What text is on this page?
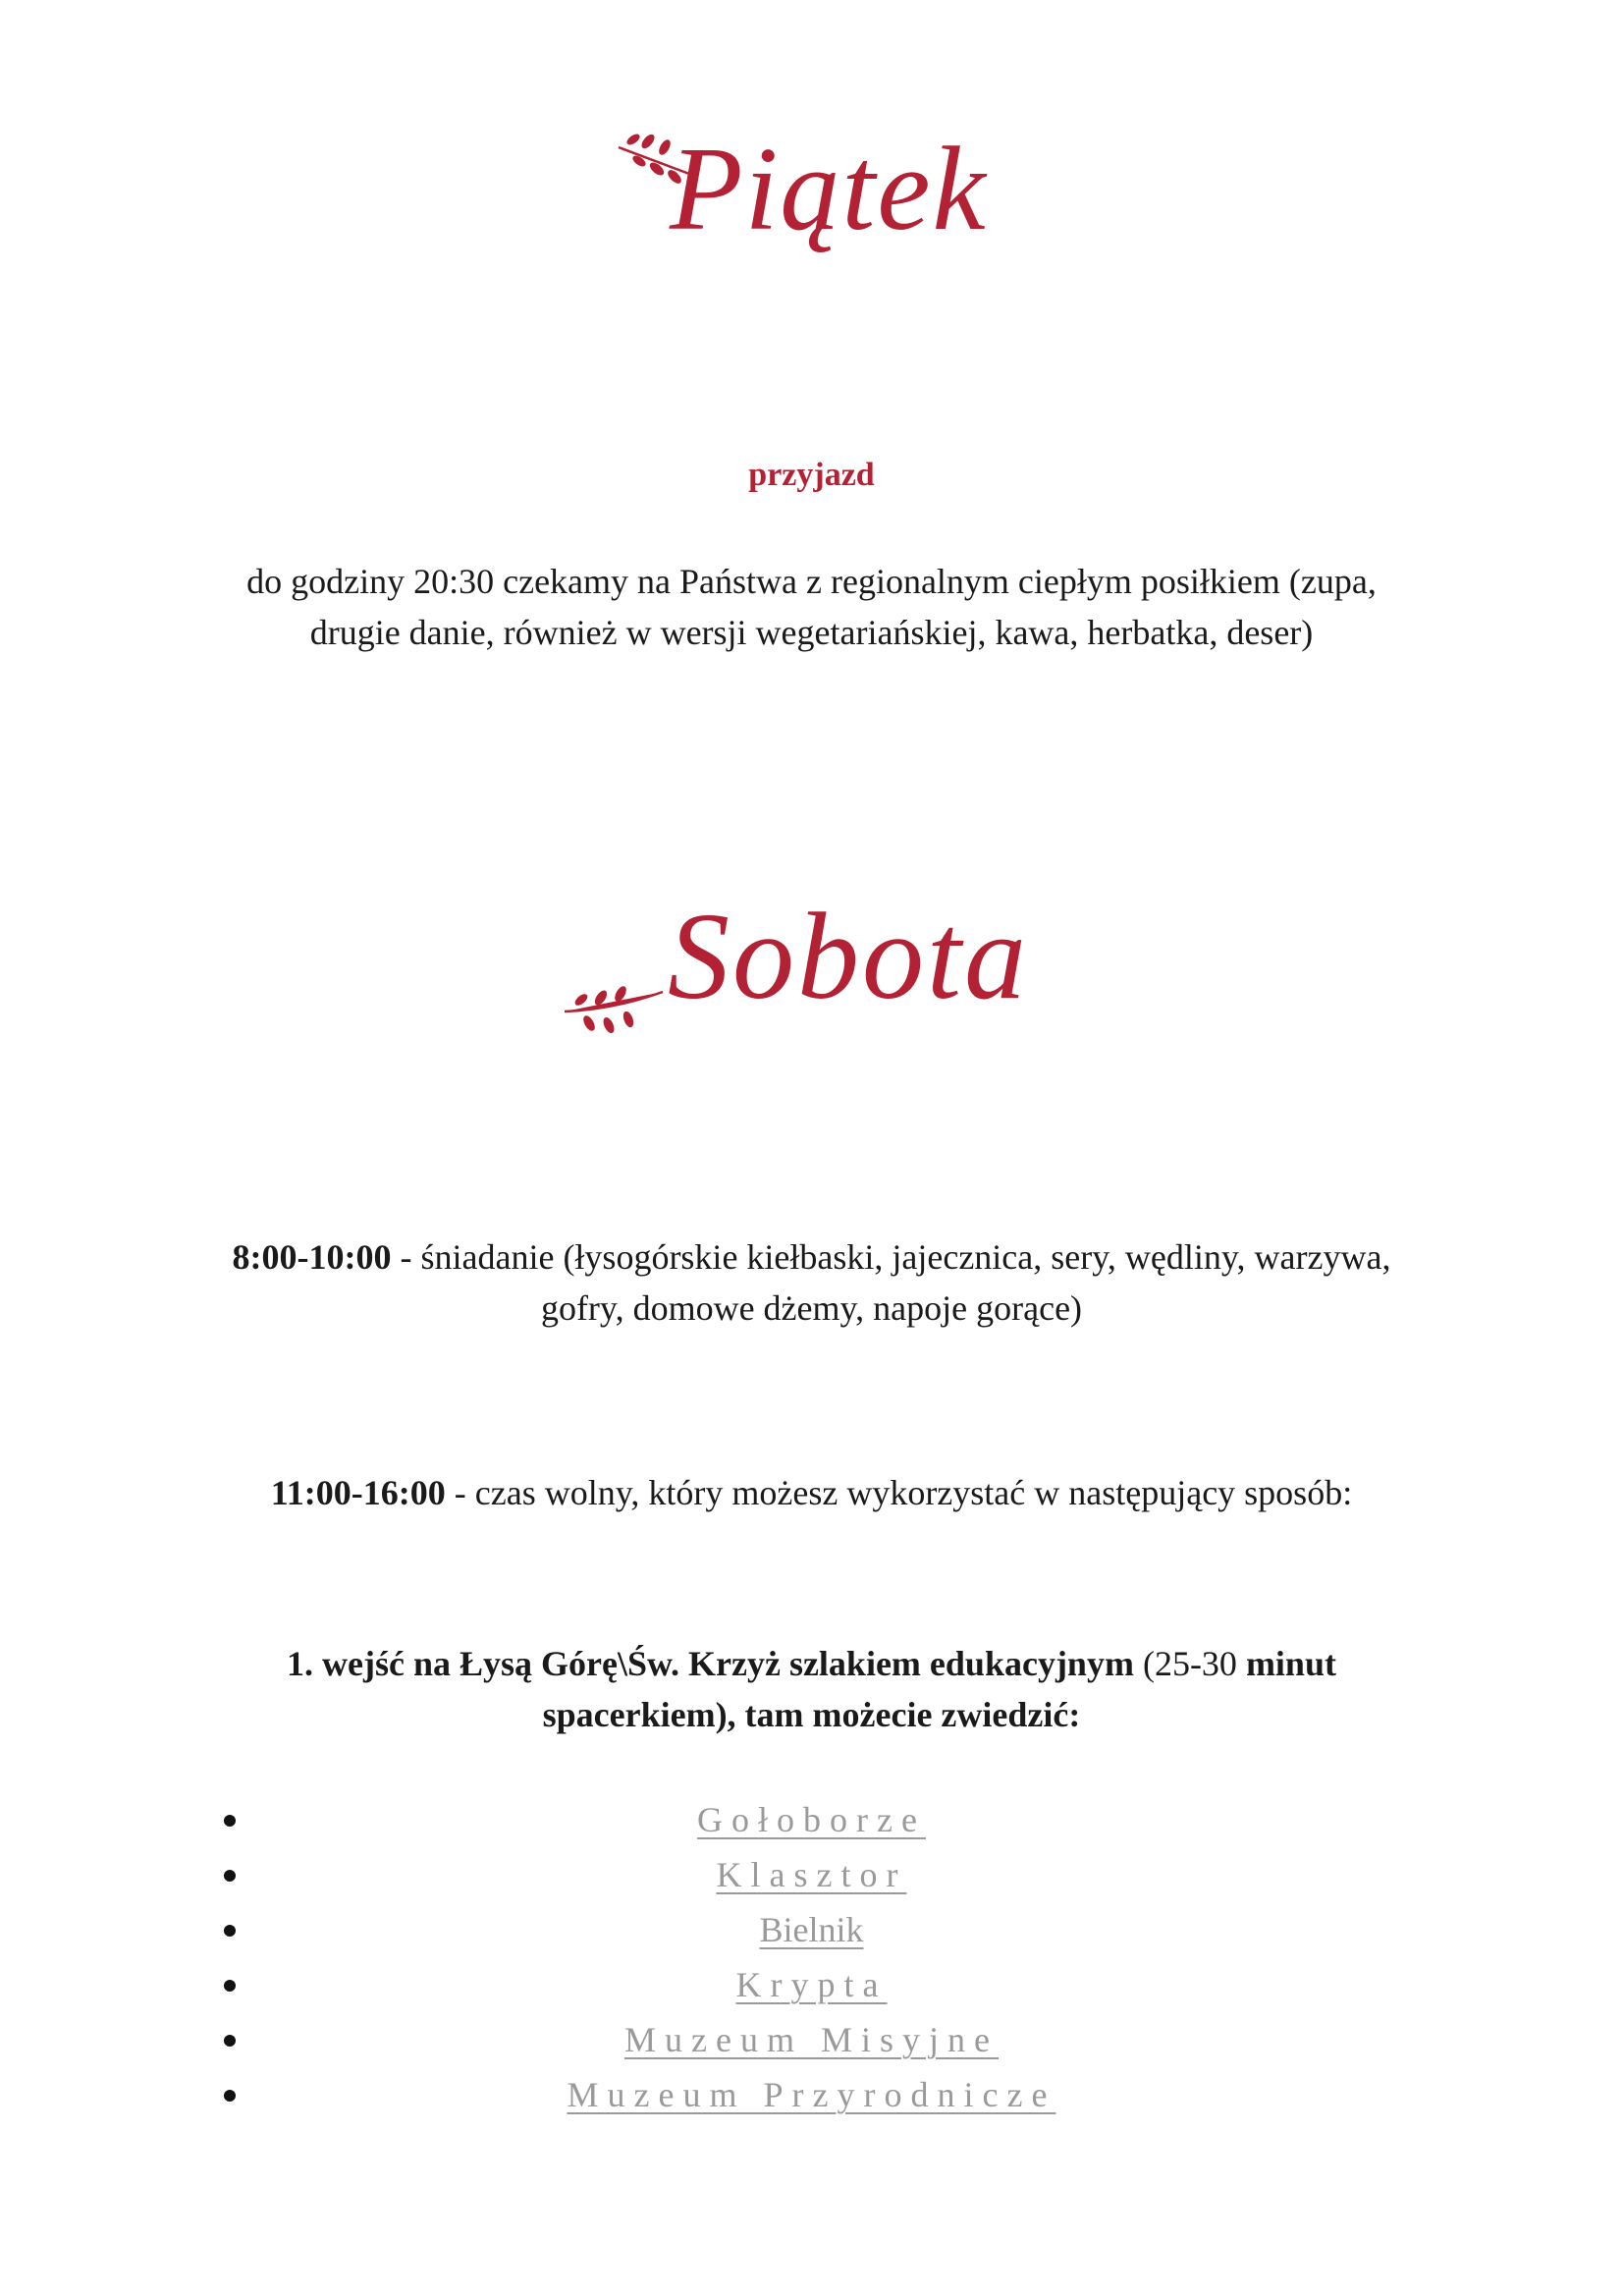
Piątek
przyjazd
do godziny 20:30 czekamy na Państwa z regionalnym ciepłym posiłkiem (zupa, drugie danie, również w wersji wegetariańskiej, kawa, herbatka, deser)
Sobota
8:00-10:00 - śniadanie (łysogórskie kiełbaski, jajecznica, sery, wędliny, warzywa, gofry, domowe dżemy, napoje gorące)
11:00-16:00 - czas wolny, który możesz wykorzystać w następujący sposób:
1. wejść na Łysą Górę\Św. Krzyż szlakiem edukacyjnym (25-30 minut spacerkiem), tam możecie zwiedzić:
Gołoborze
Klasztor
Bielnik
Krypta
Muzeum Misyjne
Muzeum Przyrodnicze
